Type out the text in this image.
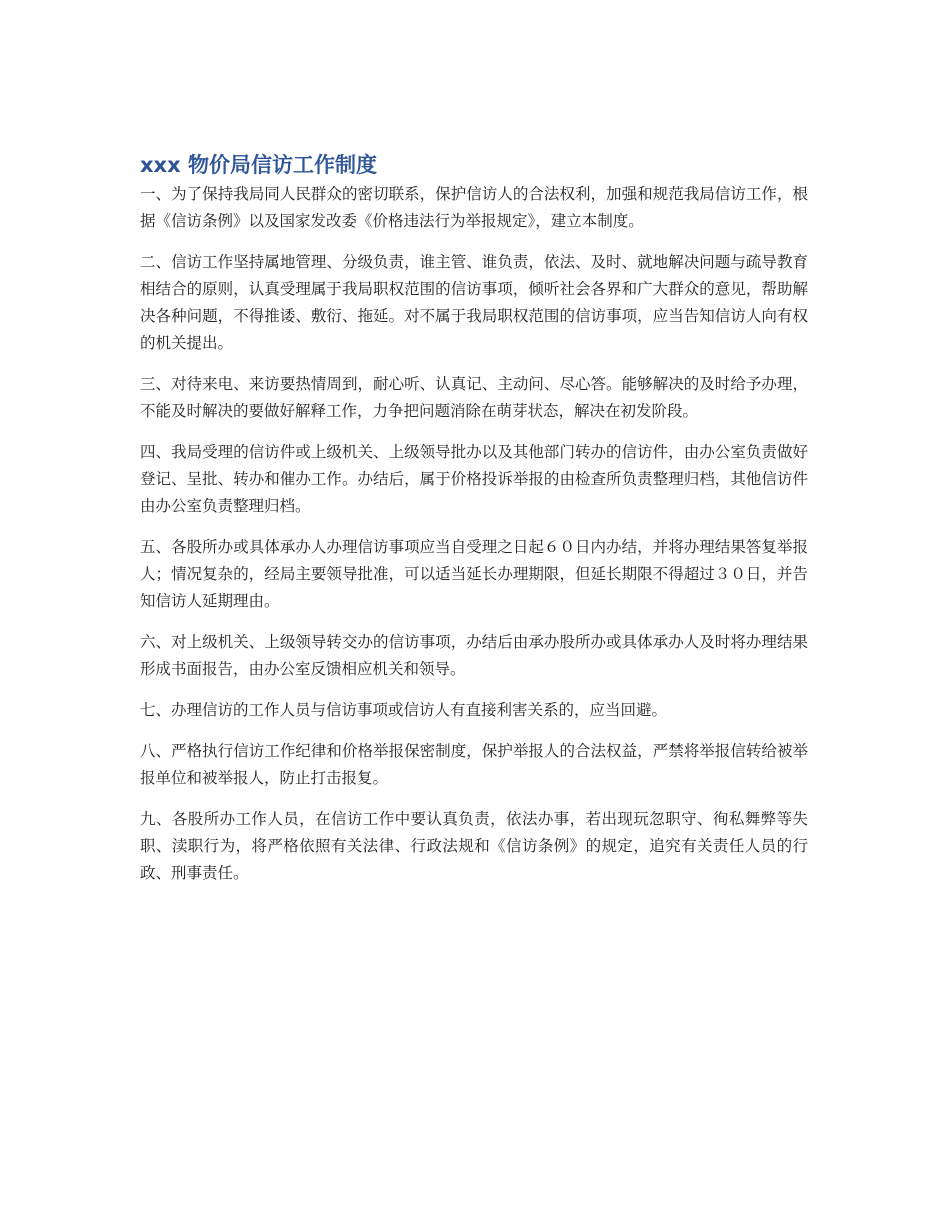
xxx 物价局信访工作制度

一、为了保持我局同人民群众的密切联系，保护信访人的合法权利，加强和规范我局信访工作，根据《信访条例》以及国家发改委《价格违法行为举报规定》，建立本制度。

二、信访工作坚持属地管理、分级负责，谁主管、谁负责，依法、及时、就地解决问题与疏导教育相结合的原则，认真受理属于我局职权范围的信访事项，倾听社会各界和广大群众的意见，帮助解决各种问题，不得推诿、敷衍、拖延。对不属于我局职权范围的信访事项，应当告知信访人向有权的机关提出。

三、对待来电、来访要热情周到，耐心听、认真记、主动问、尽心答。能够解决的及时给予办理，不能及时解决的要做好解释工作，力争把问题消除在萌芽状态，解决在初发阶段。

四、我局受理的信访件或上级机关、上级领导批办以及其他部门转办的信访件，由办公室负责做好登记、呈批、转办和催办工作。办结后，属于价格投诉举报的由检查所负责整理归档，其他信访件由办公室负责整理归档。

五、各股所办或具体承办人办理信访事项应当自受理之日起６０日内办结，并将办理结果答复举报人；情况复杂的，经局主要领导批准，可以适当延长办理期限，但延长期限不得超过３０日，并告知信访人延期理由。

六、对上级机关、上级领导转交办的信访事项，办结后由承办股所办或具体承办人及时将办理结果形成书面报告，由办公室反馈相应机关和领导。

七、办理信访的工作人员与信访事项或信访人有直接利害关系的，应当回避。

八、严格执行信访工作纪律和价格举报保密制度，保护举报人的合法权益，严禁将举报信转给被举报单位和被举报人，防止打击报复。

九、各股所办工作人员，在信访工作中要认真负责，依法办事，若出现玩忽职守、徇私舞弊等失职、渎职行为，将严格依照有关法律、行政法规和《信访条例》的规定，追究有关责任人员的行政、刑事责任。
